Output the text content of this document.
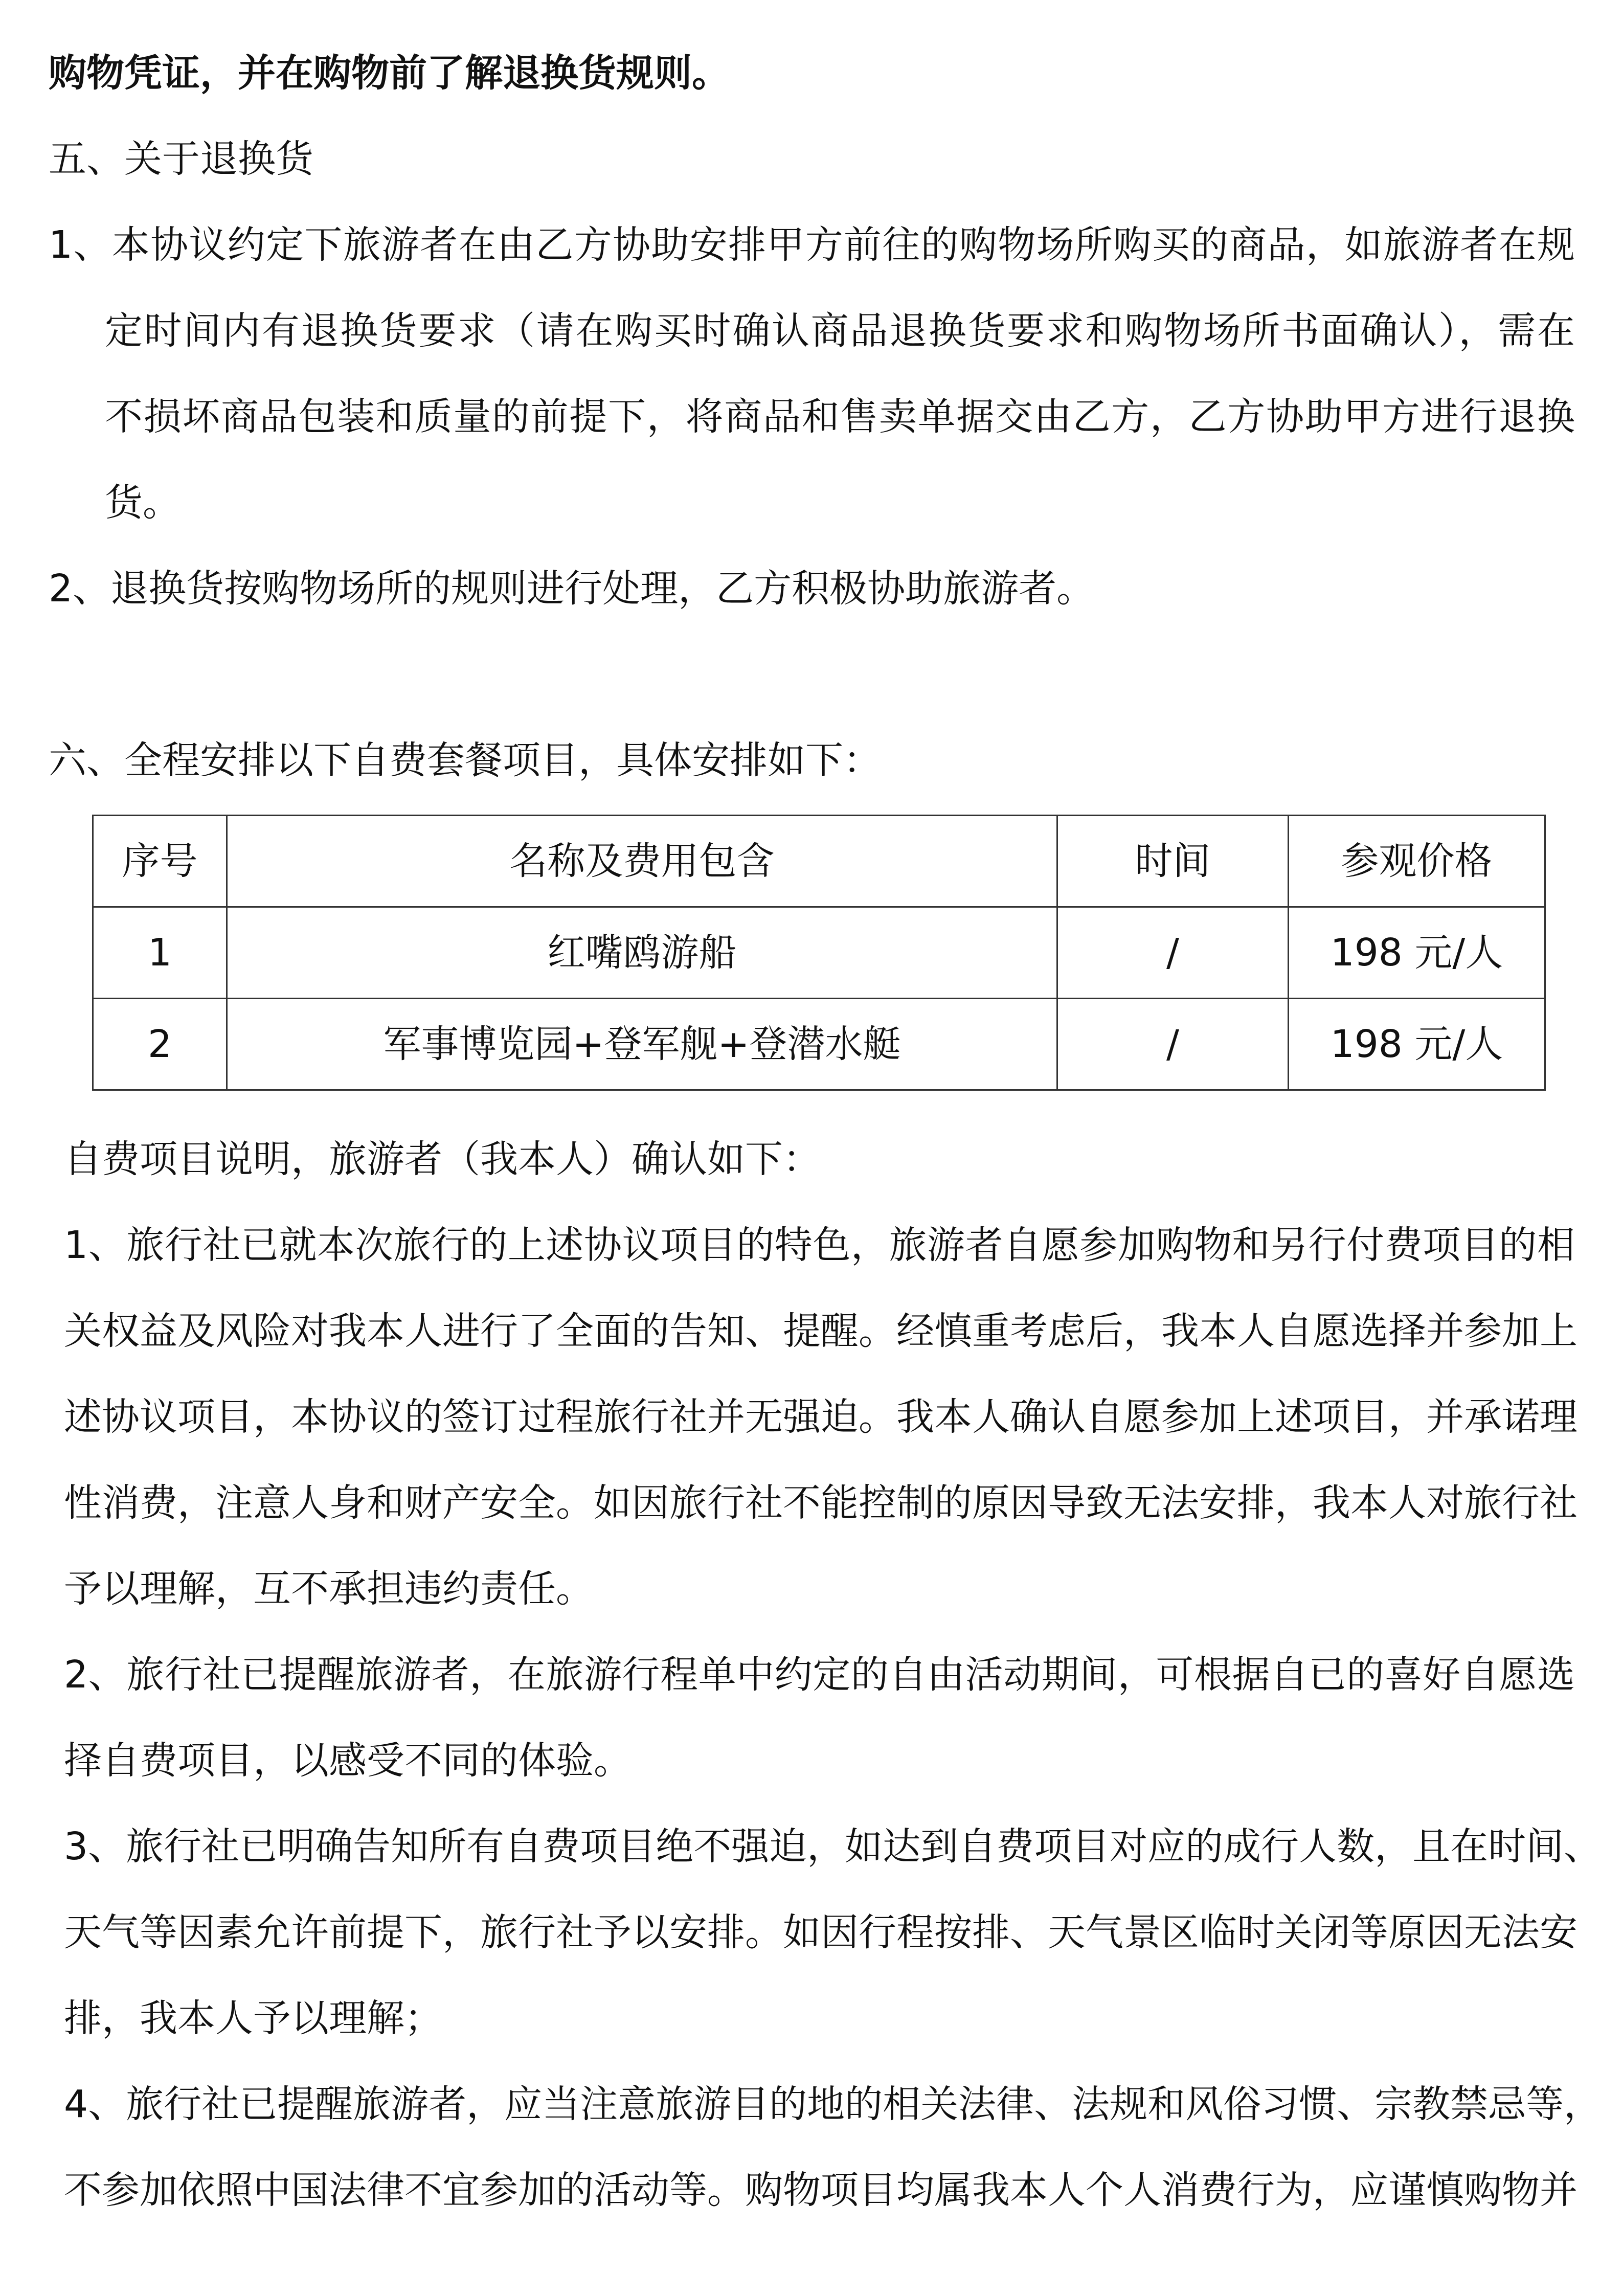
购物凭证，并在购物前了解退换货规则。
五、关于退换货
1、本协议约定下旅游者在由乙方协助安排甲方前往的购物场所购买的商品，如旅游者在规
定时间内有退换货要求（请在购买时确认商品退换货要求和购物场所书面确认），需在
不损坏商品包装和质量的前提下，将商品和售卖单据交由乙方，乙方协助甲方进行退换
货。
2、退换货按购物场所的规则进行处理，乙方积极协助旅游者。
六、全程安排以下自费套餐项目，具体安排如下：
序号	名称及费用包含	时间	参观价格
1	红嘴鸥游船	/	198 元/人
2	军事博览园+登军舰+登潜水艇	/	198 元/人
自费项目说明，旅游者（我本人）确认如下：
1、旅行社已就本次旅行的上述协议项目的特色，旅游者自愿参加购物和另行付费项目的相
关权益及风险对我本人进行了全面的告知、提醒。经慎重考虑后，我本人自愿选择并参加上
述协议项目，本协议的签订过程旅行社并无强迫。我本人确认自愿参加上述项目，并承诺理
性消费，注意人身和财产安全。如因旅行社不能控制的原因导致无法安排，我本人对旅行社
予以理解，互不承担违约责任。
2、旅行社已提醒旅游者，在旅游行程单中约定的自由活动期间，可根据自已的喜好自愿选
择自费项目，以感受不同的体验。
3、旅行社已明确告知所有自费项目绝不强迫，如达到自费项目对应的成行人数，且在时间、
天气等因素允许前提下，旅行社予以安排。如因行程按排、天气景区临时关闭等原因无法安
排，我本人予以理解；
4、旅行社已提醒旅游者，应当注意旅游目的地的相关法律、法规和风俗习惯、宗教禁忌等，
不参加依照中国法律不宜参加的活动等。购物项目均属我本人个人消费行为，应谨慎购物并
